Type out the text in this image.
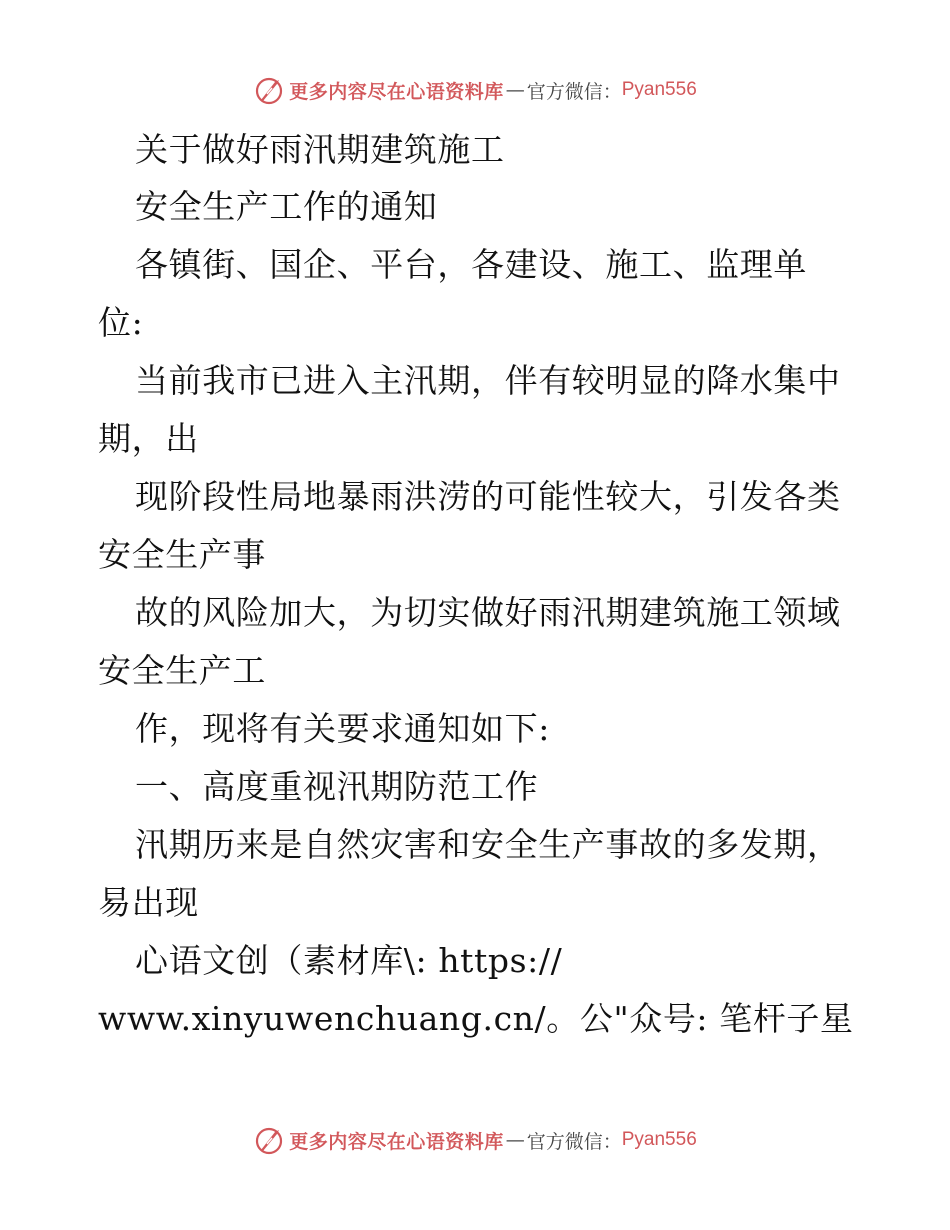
更多内容尽在心语资料库 — 官方微信： Pyan556
关于做好雨汛期建筑施工
安全生产工作的通知
各镇街、国企、平台，各建设、施工、监理单
位:
当前我市已进入主汛期，伴有较明显的降水集中
期，出
现阶段性局地暴雨洪涝的可能性较大，引发各类
安全生产事
故的风险加大，为切实做好雨汛期建筑施工领域
安全生产工
作，现将有关要求通知如下:
一、高度重视汛期防范工作
汛期历来是自然灾害和安全生产事故的多发期，
易出现
心语文创（素材库\: https://
www.xinyuwenchuang.cn/。公"众号: 笔杆子星
更多内容尽在心语资料库 — 官方微信： Pyan556
